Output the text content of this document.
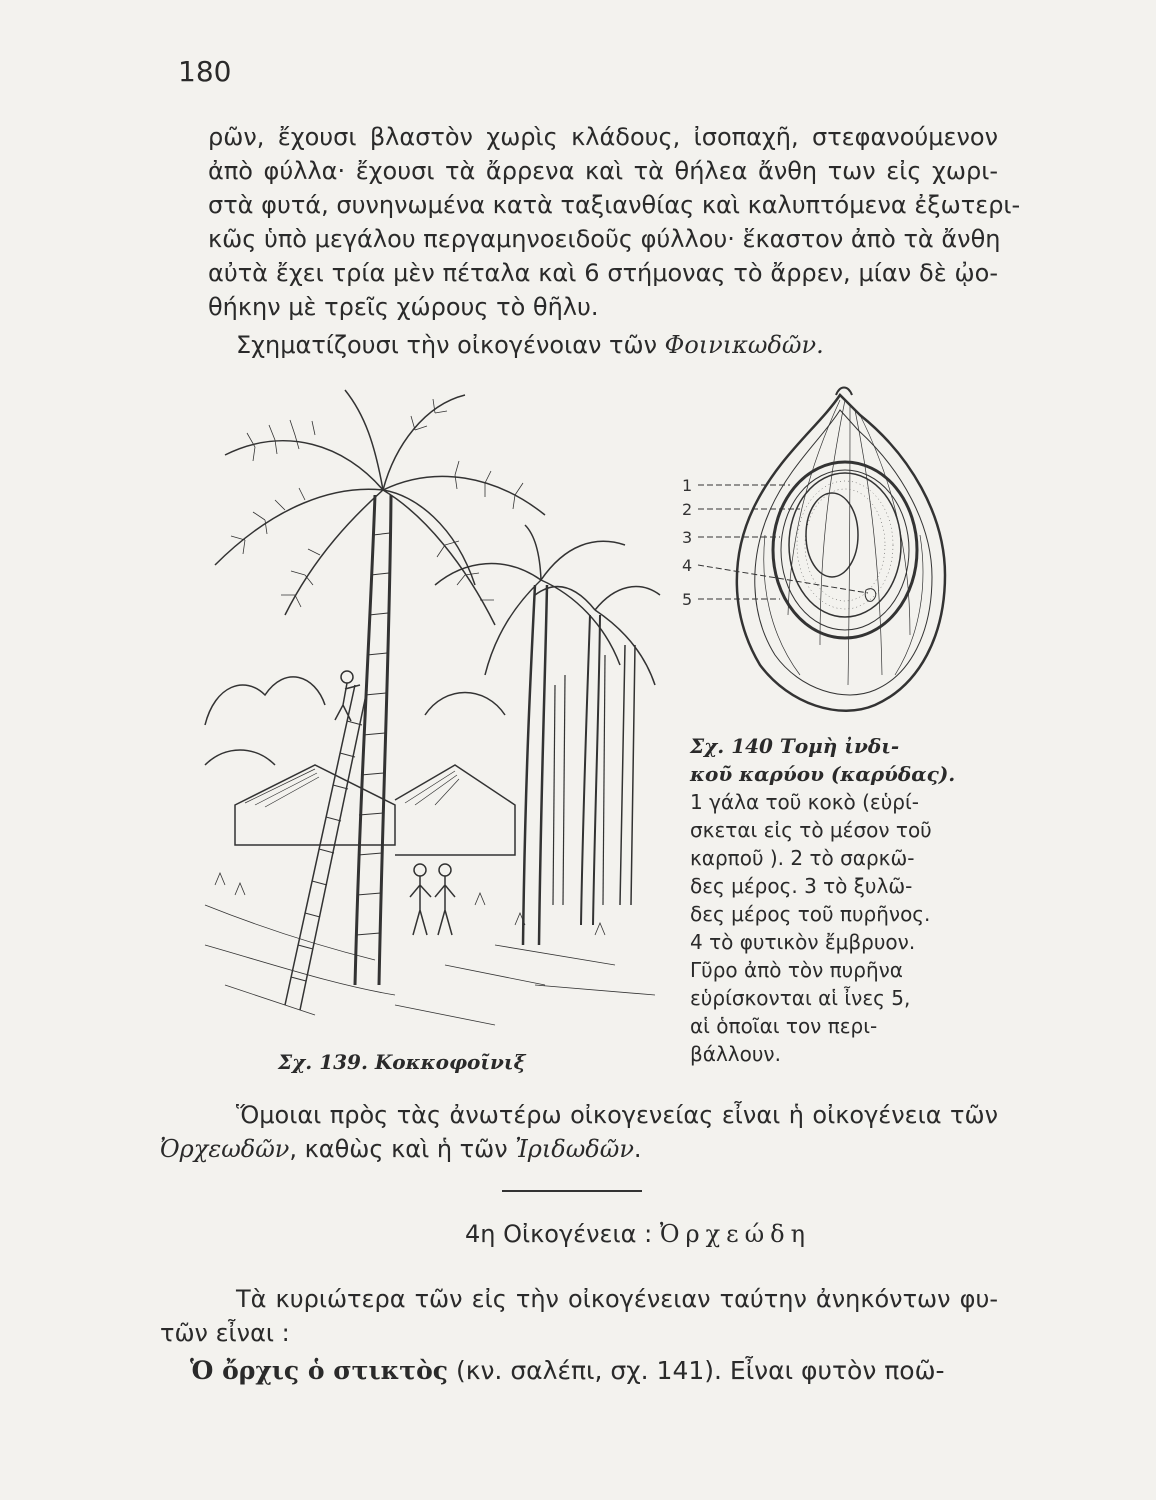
180
ρῶν, ἔχουσι βλαστὸν χωρὶς κλάδους, ἰσοπαχῆ, στεφανούμενον
ἀπὸ φύλλα· ἔχουσι τὰ ἄρρενα καὶ τὰ θήλεα ἄνθη των εἰς χωρι-
στὰ φυτά, συνηνωμένα κατὰ ταξιανθίας καὶ καλυπτόμενα ἐξωτερι-
κῶς ὑπὸ μεγάλου περγαμηνοειδοῦς φύλλου· ἕκαστον ἀπὸ τὰ ἄνθη
αὐτὰ ἔχει τρία μὲν πέταλα καὶ 6 στήμονας τὸ ἄρρεν, μίαν δὲ ᾠο-
θήκην μὲ τρεῖς χώρους τὸ θῆλυ.
Σχηματίζουσι τὴν οἰκογένοιαν τῶν Φοινικωδῶν.
Σχ. 139. Κοκκοφοῖνιξ
1
2
3
4
5
Σχ. 140 Τομὴ ἰνδι-
κοῦ καρύου (καρύδας).
1 γάλα τοῦ κοκὸ (εὑρί-
σκεται εἰς τὸ μέσον τοῦ
καρποῦ ). 2 τὸ σαρκῶ-
δες μέρος. 3 τὸ ξυλῶ-
δες μέρος τοῦ πυρῆνος.
4 τὸ φυτικὸν ἔμβρυον.
Γῦρο ἀπὸ τὸν πυρῆνα
εὑρίσκονται αἱ ἶνες 5,
αἱ ὁποῖαι τον περι-
βάλλουν.
Ὅμοιαι πρὸς τὰς ἀνωτέρω οἰκογενείας εἶναι ἡ οἰκογένεια τῶν
Ὀρχεωδῶν, καθὼς καὶ ἡ τῶν Ἰριδωδῶν.
4η Οἰκογένεια : Ὀρχεώδη
Τὰ κυριώτερα τῶν εἰς τὴν οἰκογένειαν ταύτην ἀνηκόντων φυ-
τῶν εἶναι :
Ὁ ὄρχις ὁ στικτὸς (κν. σαλέπι, σχ. 141). Εἶναι φυτὸν ποῶ-
